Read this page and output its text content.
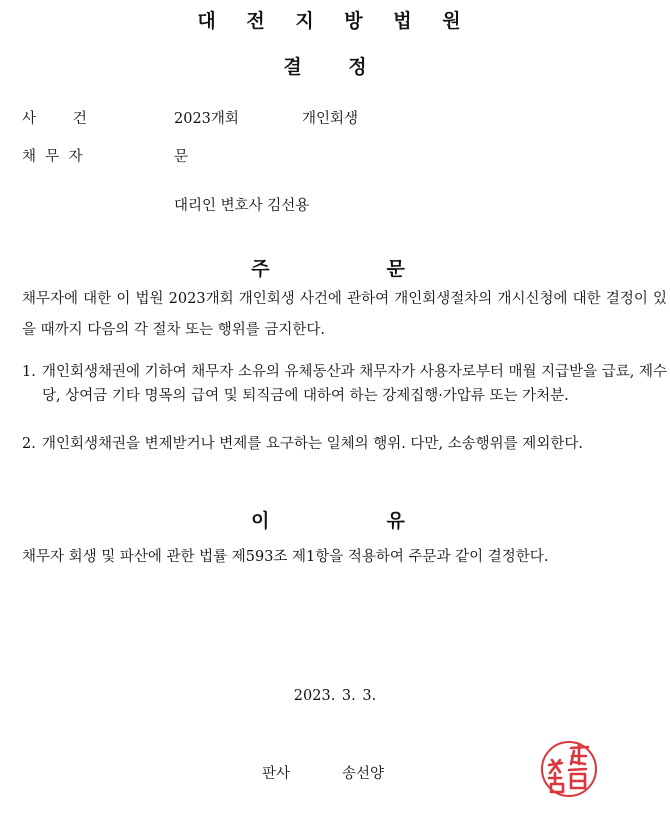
대 전 지 방 법 원
결 정
사        건	2023개회	개인회생
채  무  자	문
대리인 변호사 김선용
주     문
채무자에 대한 이 법원 2023개회 개인회생 사건에 관하여 개인회생절차의 개시신청에 대한 결정이 있을 때까지 다음의 각 절차 또는 행위를 금지한다.
1. 개인회생채권에 기하여 채무자 소유의 유체동산과 채무자가 사용자로부터 매월 지급받을 급료, 제수당, 상여금 기타 명목의 급여 및 퇴직금에 대하여 하는 강제집행·가압류 또는 가처분.
2. 개인회생채권을 변제받거나 변제를 요구하는 일체의 행위. 다만, 소송행위를 제외한다.
이     유
채무자 회생 및 파산에 관한 법률 제593조 제1항을 적용하여 주문과 같이 결정한다.
2023. 3. 3.
판사	송선양
